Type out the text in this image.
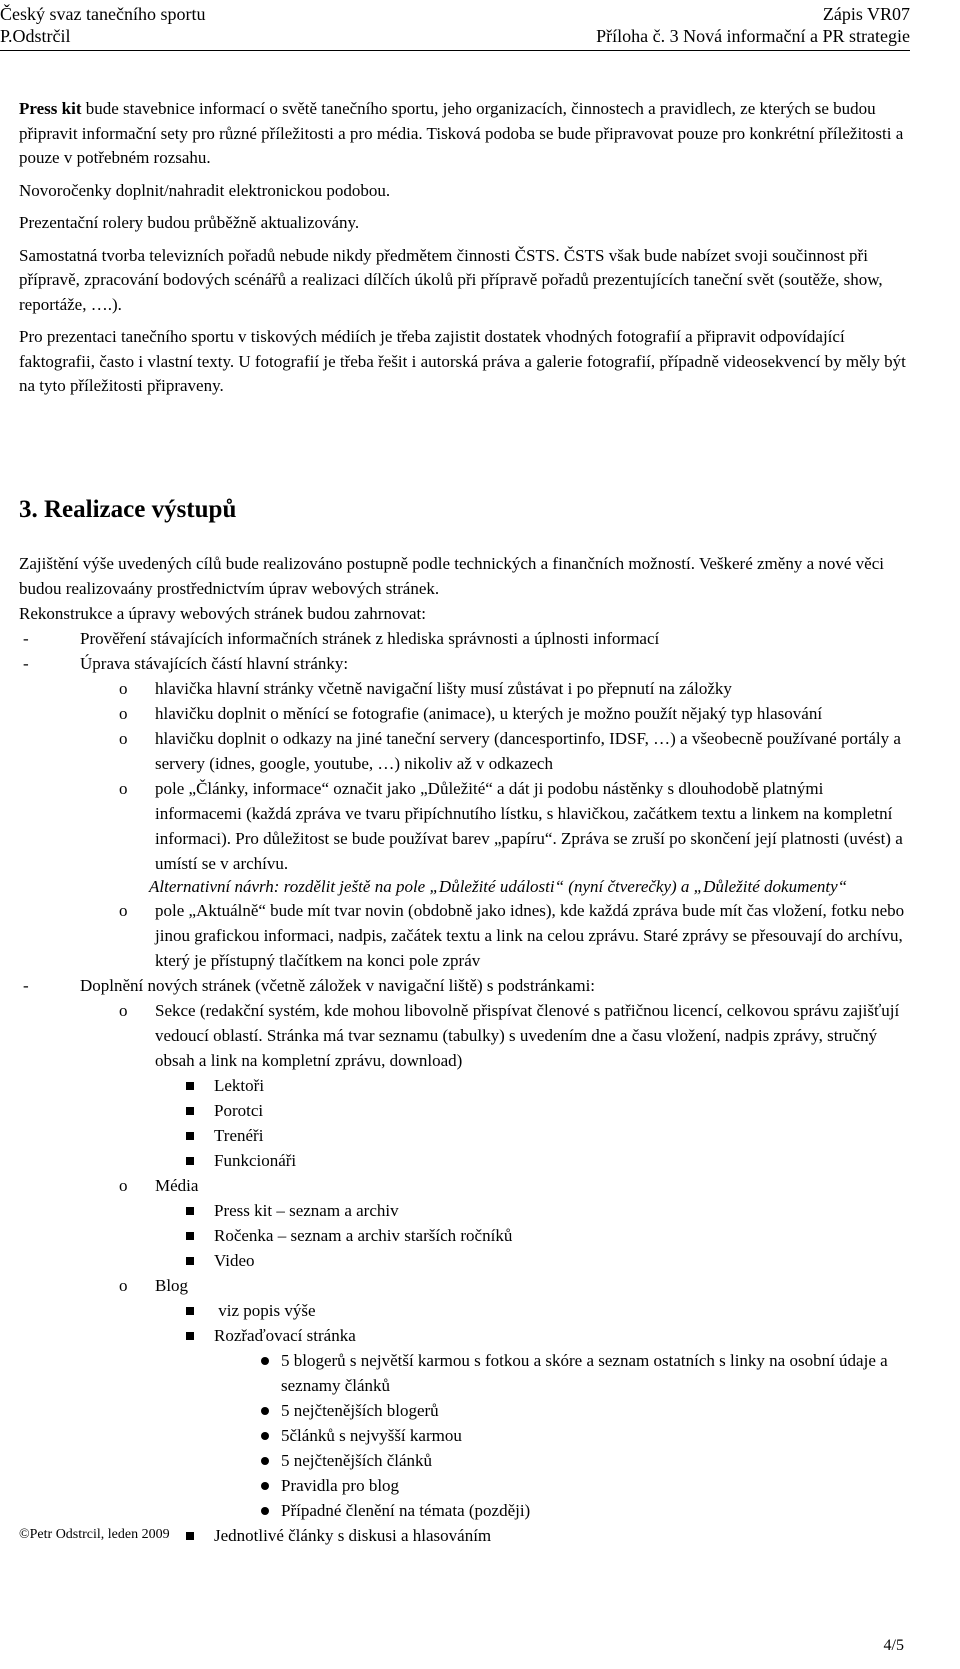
Český svaz tanečního sportu	Zápis VR07
P.Odstrčil	Příloha č. 3 Nová informační a PR strategie

Press kit bude stavebnice informací o světě tanečního sportu, jeho organizacích, činnostech a pravidlech, ze kterých se budou připravit informační sety pro různé příležitosti a pro média. Tisková podoba se bude připravovat pouze pro konkrétní příležitosti a pouze v potřebném rozsahu.

Novoročenky doplnit/nahradit elektronickou podobou.

Prezentační rolery budou průběžně aktualizovány.

Samostatná tvorba televizních pořadů nebude nikdy předmětem činnosti ČSTS. ČSTS však bude nabízet svoji součinnost při přípravě, zpracování bodových scénářů a realizaci dílčích úkolů při přípravě pořadů prezentujících taneční svět (soutěže, show, reportáže, ….).

Pro prezentaci tanečního sportu v tiskových médiích je třeba zajistit dostatek vhodných fotografií a připravit odpovídající faktografii, často i vlastní texty. U fotografií je třeba řešit i autorská práva a galerie fotografií, případně videosekvencí by měly být na tyto příležitosti připraveny.

3. Realizace výstupů

Zajištění výše uvedených cílů bude realizováno postupně podle technických a finančních možností. Veškeré změny a nové věci budou realizovaány prostřednictvím úprav webových stránek.

Rekonstrukce a úpravy webových stránek budou zahrnovat:

-	Prověření stávajících informačních stránek z hlediska správnosti a úplnosti informací
-	Úprava stávajících částí hlavní stránky:
o hlavička hlavní stránky včetně navigační lišty musí zůstávat i po přepnutí na záložky
o hlavičku doplnit o měnící se fotografie (animace), u kterých je možno použít nějaký typ hlasování
o hlavičku doplnit o odkazy na jiné taneční servery (dancesportinfo, IDSF, …) a všeobecně používané portály a servery (idnes, google, youtube, …) nikoliv až v odkazech
o pole „Články, informace“ označit jako „Důležité“ a dát ji podobu nástěnky s dlouhodobě platnými informacemi (každá zpráva ve tvaru připíchnutího lístku, s hlavičkou, začátkem textu a linkem na kompletní informaci). Pro důležitost se bude používat barev „papíru“. Zpráva se zruší po skončení její platnosti (uvést) a umístí se v archívu.
Alternativní návrh: rozdělit ještě na pole „Důležité události“ (nyní čtverečky) a „Důležité dokumenty“
o pole „Aktuálně“ bude mít tvar novin (obdobně jako idnes), kde každá zpráva bude mít čas vložení, fotku nebo jinou grafickou informaci, nadpis, začátek textu a link na celou zprávu. Staré zprávy se přesouvají do archívu, který je přístupný tlačítkem na konci pole zpráv
-	Doplnění nových stránek (včetně záložek v navigační liště) s podstránkami:
o Sekce (redakční systém, kde mohou libovolně přispívat členové s patřičnou licencí, celkovou správu zajišťují vedoucí oblastí. Stránka má tvar seznamu (tabulky) s uvedením dne a času vložení, nadpis zprávy, stručný obsah a link na kompletní zprávu, download)
Lektoři
Porotci
Trenéři
Funkcionáři
o Média
Press kit – seznam a archiv
Ročenka – seznam a archiv starších ročníků
Video
o Blog
viz popis výše
Rozřaďovací stránka
5 blogerů s největší karmou s fotkou a skóre a seznam ostatních s linky na osobní údaje a seznamy článků
5 nejčtenějších blogerů
5článků s nejvyšší karmou
5 nejčtenějších článků
Pravidla pro blog
Případné členění na témata (později)
Jednotlivé články s diskusi a hlasováním
©Petr Odstrcil, leden 2009
4/5
